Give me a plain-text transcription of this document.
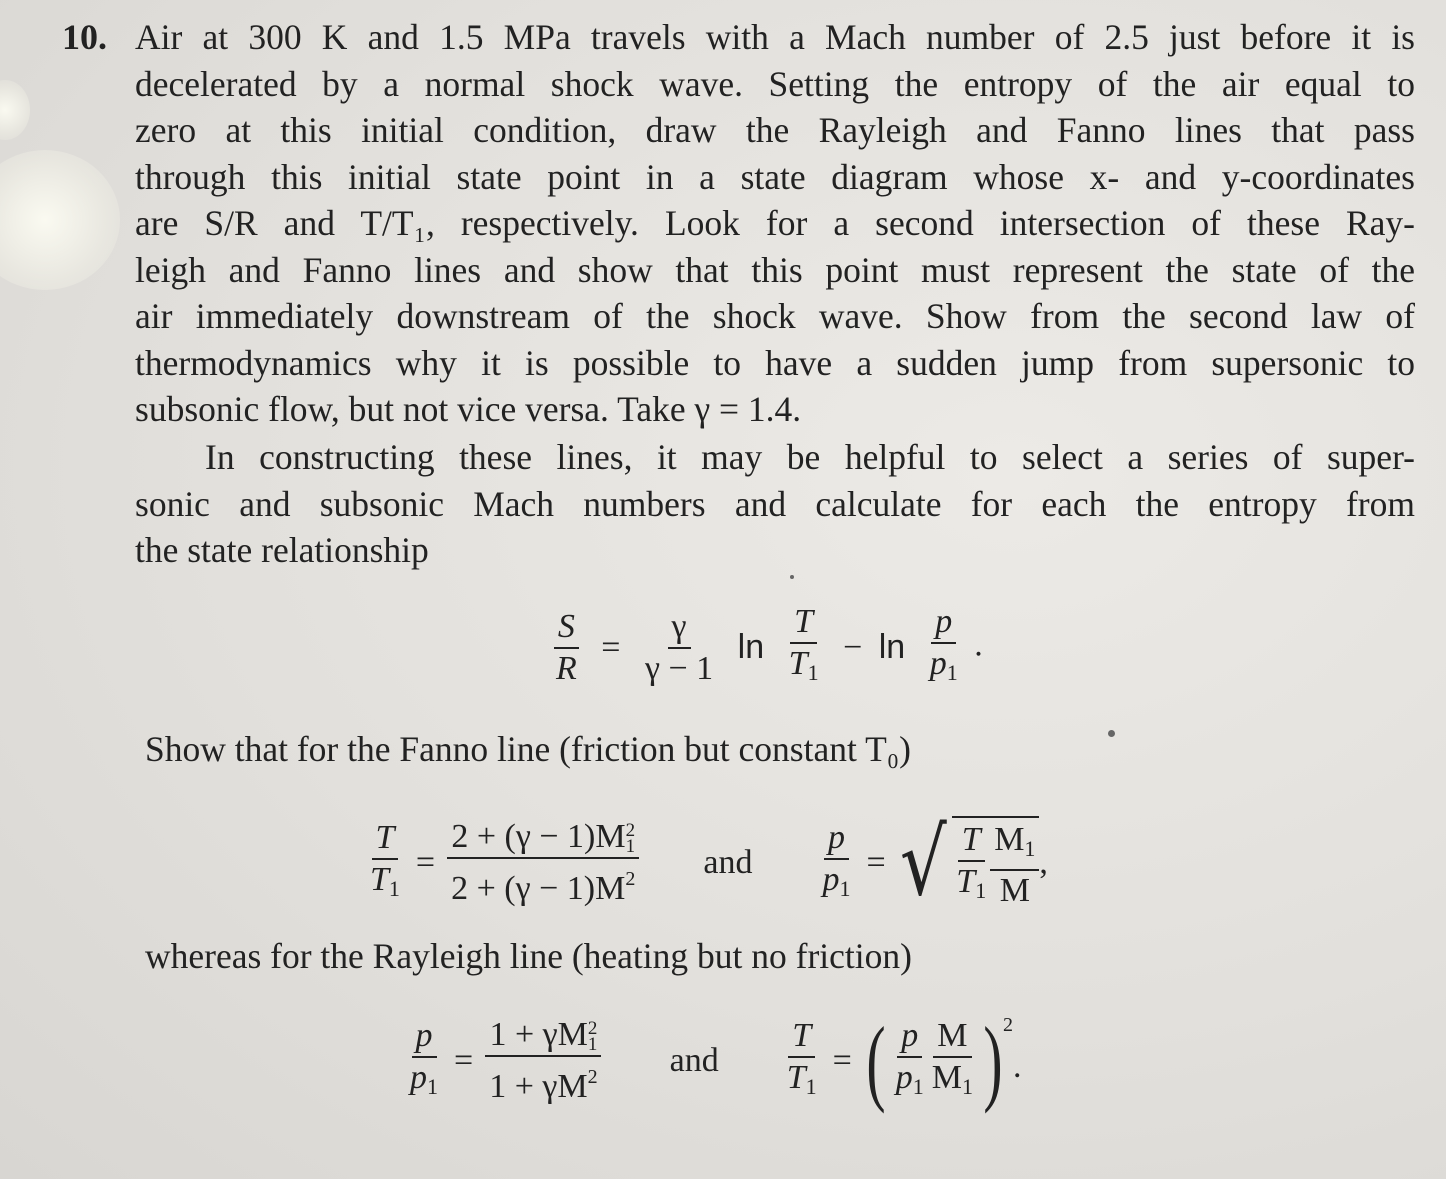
10. Air at 300 K and 1.5 MPa travels with a Mach number of 2.5 just before it is
decelerated by a normal shock wave. Setting the entropy of the air equal to
zero at this initial condition, draw the Rayleigh and Fanno lines that pass
through this initial state point in a state diagram whose x- and y-coordinates
are S/R and T/T₁, respectively. Look for a second intersection of these Ray-
leigh and Fanno lines and show that this point must represent the state of the
air immediately downstream of the shock wave. Show from the second law of
thermodynamics why it is possible to have a sudden jump from supersonic to
subsonic flow, but not vice versa. Take γ = 1.4.
In constructing these lines, it may be helpful to select a series of super-
sonic and subsonic Mach numbers and calculate for each the entropy from
the state relationship
$\frac{S}{R} = \frac{\gamma}{\gamma - 1}$ $\ln \frac{T}{T_1} - \ln \frac{p}{p_1}$ .
Show that for the Fanno line (friction but constant T₀)
$\frac{T}{T_1} = 2 + (\gamma - 1)M$ 2
1
$2 + (\gamma - 1)M^2$ and $\frac{p}{p_1}$ = √ $\frac{T}{T_1} \frac{M_1}{M}$ ,
whereas for the Rayleigh line (heating but no friction)
$\frac{p}{p_1} = 1 + \gamma M$ 2
1
$1 + \gamma M^2$ and $\frac{T}{T_1}$ = ( $\frac{p}{p_1} \frac{M}{M_1}$ ) 2
.
